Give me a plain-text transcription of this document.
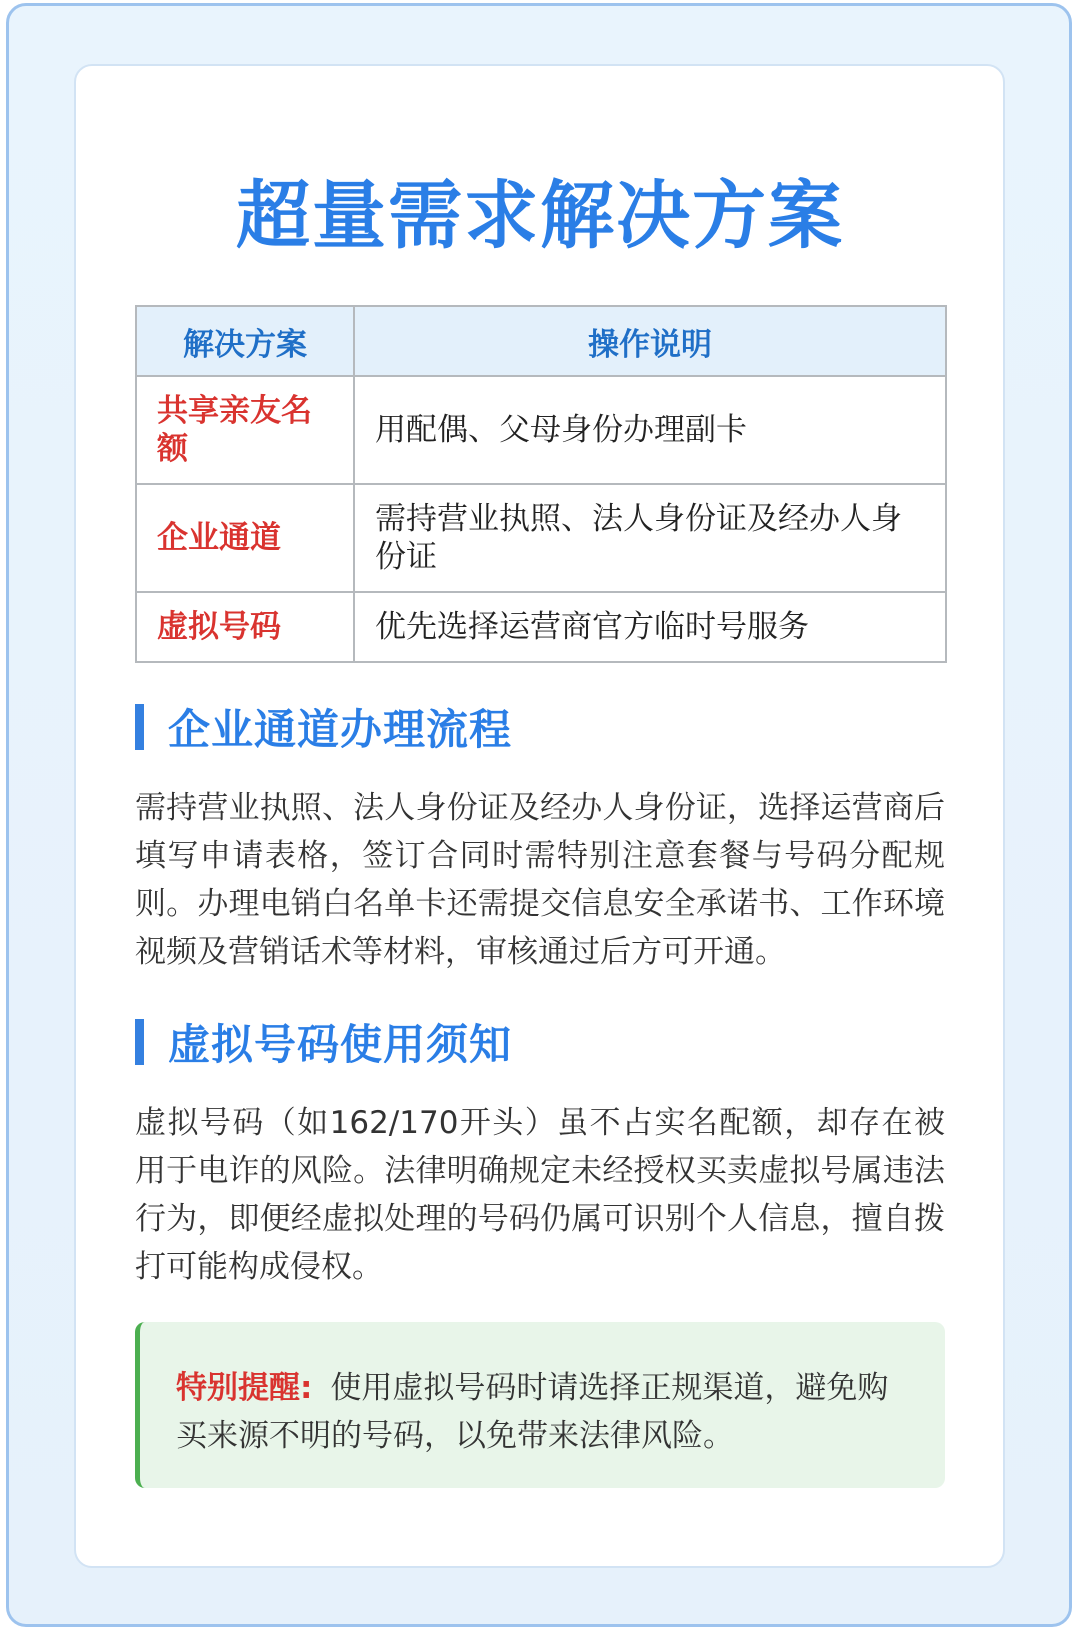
超量需求解决方案
解决方案	操作说明
共享亲友名额	用配偶、父母身份办理副卡
企业通道	需持营业执照、法人身份证及经办人身份证
虚拟号码	优先选择运营商官方临时号服务
企业通道办理流程
需持营业执照、法人身份证及经办人身份证，选择运营商后填写申请表格，签订合同时需特别注意套餐与号码分配规则。办理电销白名单卡还需提交信息安全承诺书、工作环境视频及营销话术等材料，审核通过后方可开通。
虚拟号码使用须知
虚拟号码（如162/170开头）虽不占实名配额，却存在被用于电诈的风险。法律明确规定未经授权买卖虚拟号属违法行为，即便经虚拟处理的号码仍属可识别个人信息，擅自拨打可能构成侵权。
特别提醒: 使用虚拟号码时请选择正规渠道，避免购买来源不明的号码，以免带来法律风险。
